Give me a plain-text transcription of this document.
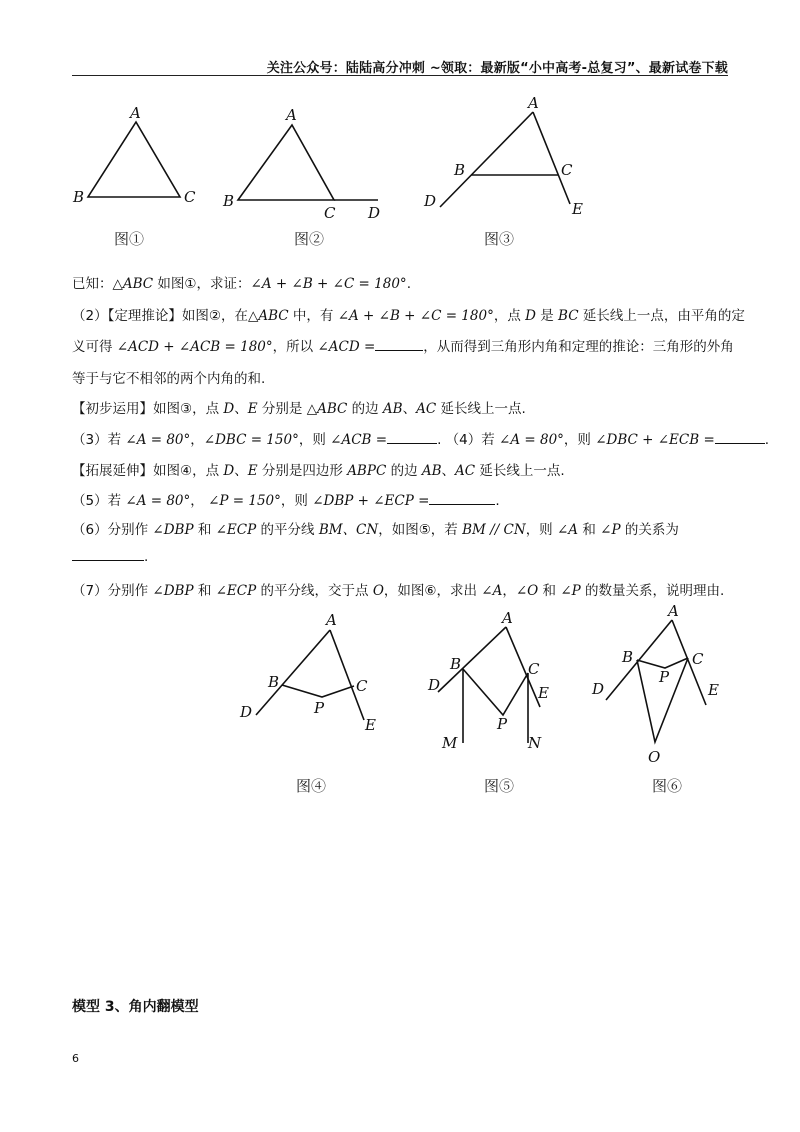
关注公众号：陆陆高分冲刺 ~领取：最新版“小中高考-总复习”、最新试卷下载
A
B	C
图①
A
B
C D
图②
A
B	C
D	E
图③
已知：△ABC 如图①，求证：∠A + ∠B + ∠C = 180°.
（2）【定理推论】如图②，在△ABC 中，有 ∠A + ∠B + ∠C = 180°，点 D 是 BC 延长线上一点，由平角的定
义可得 ∠ACD + ∠ACB = 180°，所以 ∠ACD =	，从而得到三角形内角和定理的推论：三角形的外角
等于与它不相邻的两个内角的和.
【初步运用】如图③，点 D、E 分别是 △ABC 的边 AB、AC 延长线上一点.
（3）若 ∠A = 80°，∠DBC = 150°，则 ∠ACB =	. （4）若 ∠A = 80°，则 ∠DBC + ∠ECB =	.
【拓展延伸】如图④，点 D、E 分别是四边形 ABPC 的边 AB、AC 延长线上一点.
（5）若 ∠A = 80°， ∠P = 150°，则 ∠DBP + ∠ECP =	.
（6）分别作 ∠DBP 和 ∠ECP 的平分线 BM、CN，如图⑤，若 BM // CN，则 ∠A 和 ∠P 的关系为
.
（7）分别作 ∠DBP 和 ∠ECP 的平分线，交于点 O，如图⑥，求出 ∠A，∠O 和 ∠P 的数量关系，说明理由.
A
B	C
D
E
P
图④
A
B	C
D	E
P
M	N
图⑤
A
B	C
D	E
P
O
图⑥
模型 3、角内翻模型
6
